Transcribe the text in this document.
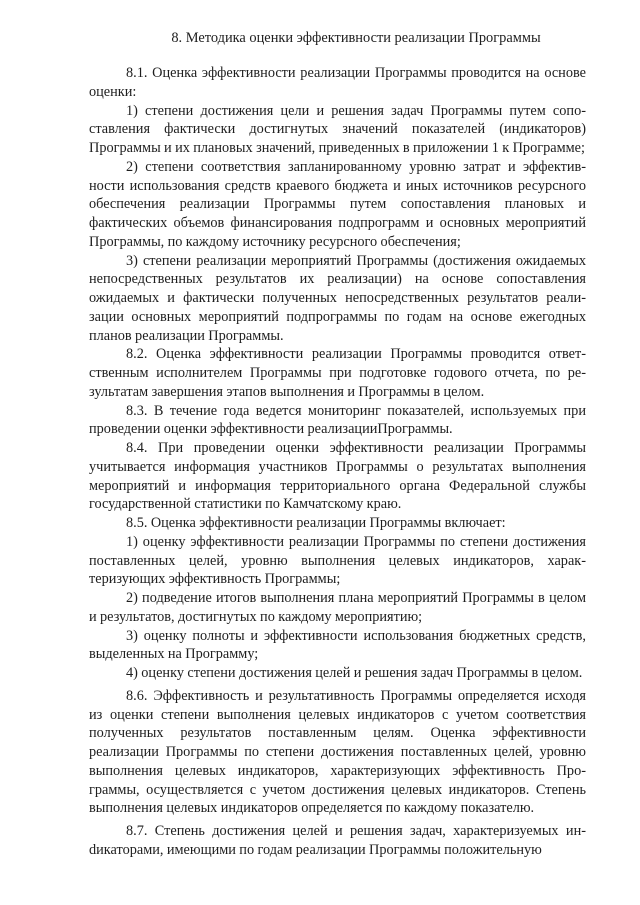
8. Методика оценки эффективности реализации Программы

8.1. Оценка эффективности реализации Программы проводится на основе оценки:

1) степени достижения цели и решения задач Программы путем сопоставления фактически достигнутых значений показателей (индикаторов) Программы и их плановых значений, приведенных в приложении 1 к Программе;

2) степени соответствия запланированному уровню затрат и эффективности использования средств краевого бюджета и иных источников ресурсного обеспечения реализации Программы путем сопоставления плановых и фактических объемов финансирования подпрограмм и основных мероприятий Программы, по каждому источнику ресурсного обеспечения;

3) степени реализации мероприятий Программы (достижения ожидаемых непосредственных результатов их реализации) на основе сопоставления ожидаемых и фактически полученных непосредственных результатов реализации основных мероприятий подпрограммы по годам на основе ежегодных планов реализации Программы.

8.2. Оценка эффективности реализации Программы проводится ответственным исполнителем Программы при подготовке годового отчета, по результатам завершения этапов выполнения и Программы в целом.

8.3. В течение года ведется мониторинг показателей, используемых при проведении оценки эффективности реализацииПрограммы.

8.4. При проведении оценки эффективности реализации Программы учитывается информация участников Программы о результатах выполнения мероприятий и информация территориального органа Федеральной службы государственной статистики по Камчатскому краю.

8.5. Оценка эффективности реализации Программы включает:

1) оценку эффективности реализации Программы по степени достижения поставленных целей, уровню выполнения целевых индикаторов, характеризующих эффективность Программы;

2) подведение итогов выполнения плана мероприятий Программы в целом и результатов, достигнутых по каждому мероприятию;

3) оценку полноты и эффективности использования бюджетных средств, выделенных на Программу;

4) оценку степени достижения целей и решения задач Программы в целом.

8.6. Эффективность и результативность Программы определяется исходя из оценки степени выполнения целевых индикаторов с учетом соответствия полученных результатов поставленным целям. Оценка эффективности реализации Программы по степени достижения поставленных целей, уровню выполнения целевых индикаторов, характеризующих эффективность Программы, осуществляется с учетом достижения целевых индикаторов. Степень выполнения целевых индикаторов определяется по каждому показателю.

8.7. Степень достижения целей и решения задач, характеризуемых инdикаторами, имеющими по годам реализации Программы положительную
